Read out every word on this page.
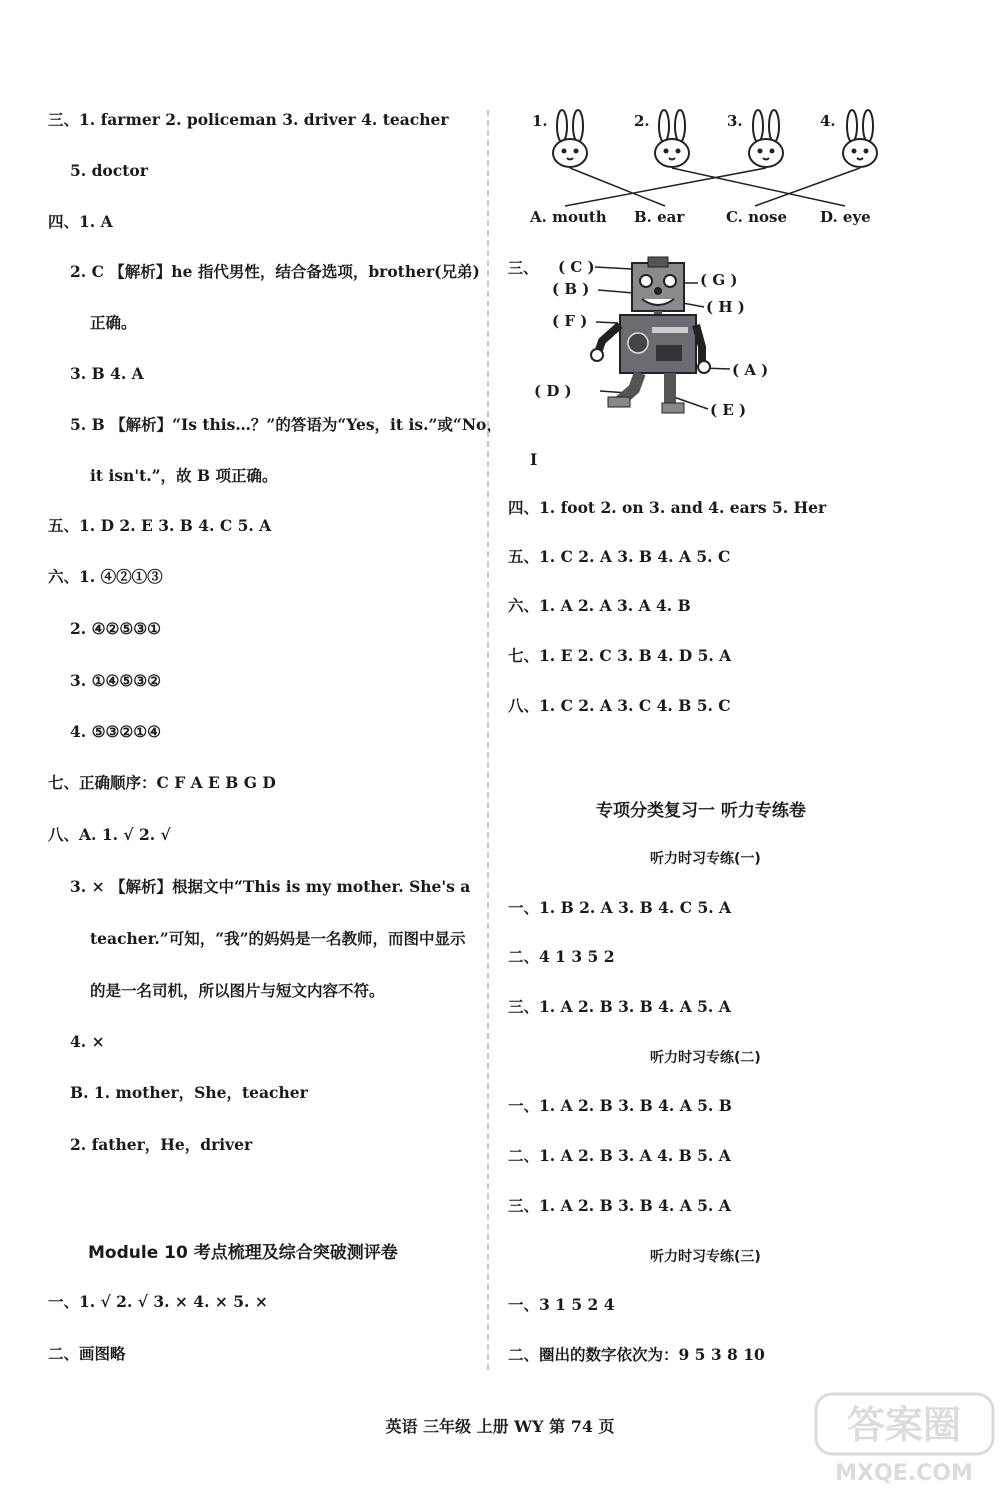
三、1. farmer 2. policeman 3. driver 4. teacher
5. doctor
四、1. A
2. C 【解析】he 指代男性，结合备选项，brother(兄弟)
正确。
3. B 4. A
5. B 【解析】“Is this…？”的答语为“Yes，it is.”或“No，
it isn't.”，故 B 项正确。
五、1. D 2. E 3. B 4. C 5. A
六、1. ④②①③
2. ④②⑤③①
3. ①④⑤③②
4. ⑤③②①④
七、正确顺序：C F A E B G D
八、A. 1. √ 2. √
3. × 【解析】根据文中“This is my mother. She's a
teacher.”可知，“我”的妈妈是一名教师，而图中显示
的是一名司机，所以图片与短文内容不符。
4. ×
B. 1. mother，She，teacher
2. father，He，driver
Module 10 考点梳理及综合突破测评卷
一、1. √ 2. √ 3. × 4. × 5. ×
二、画图略
1.	2.	3.	4.
A. mouth B. ear	C. nose D. eye
三、 ( C )
( G )
( B )
( H )
( F )
( A )
( D )
( E )
I
四、1. foot 2. on 3. and 4. ears 5. Her
五、1. C 2. A 3. B 4. A 5. C
六、1. A 2. A 3. A 4. B
七、1. E 2. C 3. B 4. D 5. A
八、1. C 2. A 3. C 4. B 5. C
专项分类复习一 听力专练卷
听力时习专练(一)
一、1. B 2. A 3. B 4. C 5. A
二、4 1 3 5 2
三、1. A 2. B 3. B 4. A 5. A
听力时习专练(二)
一、1. A 2. B 3. B 4. A 5. B
二、1. A 2. B 3. A 4. B 5. A
三、1. A 2. B 3. B 4. A 5. A
听力时习专练(三)
一、3 1 5 2 4
二、圈出的数字依次为：9 5 3 8 10
英语 三年级 上册 WY 第 74 页	答案圈
MXQE.COM
